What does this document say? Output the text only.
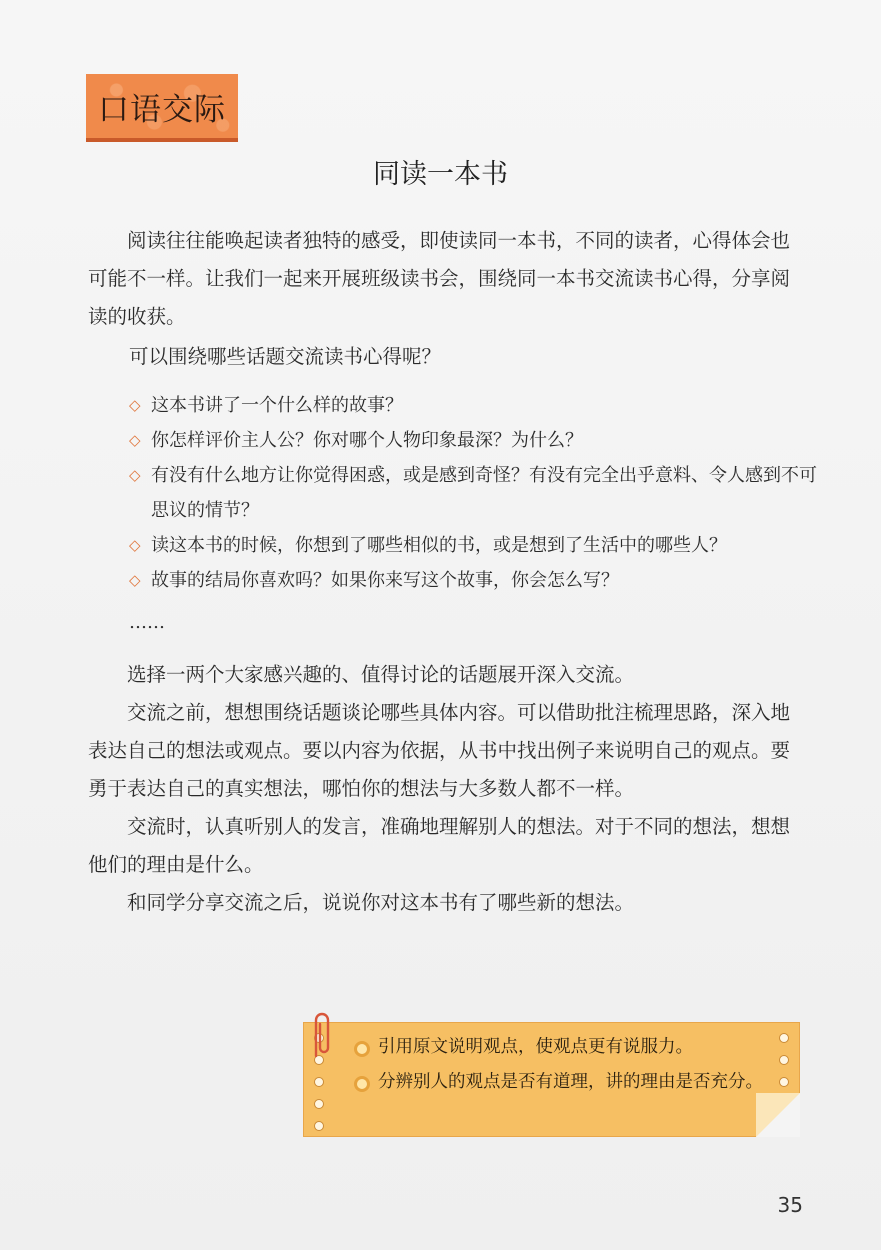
口语交际
同读一本书

阅读往往能唤起读者独特的感受，即使读同一本书，不同的读者，心得体会也可能不一样。让我们一起来开展班级读书会，围绕同一本书交流读书心得，分享阅读的收获。

可以围绕哪些话题交流读书心得呢？
◇ 这本书讲了一个什么样的故事？
◇ 你怎样评价主人公？你对哪个人物印象最深？为什么？
◇ 有没有什么地方让你觉得困惑，或是感到奇怪？有没有完全出乎意料、令人感到不可思议的情节？
◇ 读这本书的时候，你想到了哪些相似的书，或是想到了生活中的哪些人？
◇ 故事的结局你喜欢吗？如果你来写这个故事，你会怎么写？
……

选择一两个大家感兴趣的、值得讨论的话题展开深入交流。

交流之前，想想围绕话题谈论哪些具体内容。可以借助批注梳理思路，深入地表达自己的想法或观点。要以内容为依据，从书中找出例子来说明自己的观点。要勇于表达自己的真实想法，哪怕你的想法与大多数人都不一样。

交流时，认真听别人的发言，准确地理解别人的想法。对于不同的想法，想想他们的理由是什么。

和同学分享交流之后，说说你对这本书有了哪些新的想法。

引用原文说明观点，使观点更有说服力。
分辨别人的观点是否有道理，讲的理由是否充分。
35
